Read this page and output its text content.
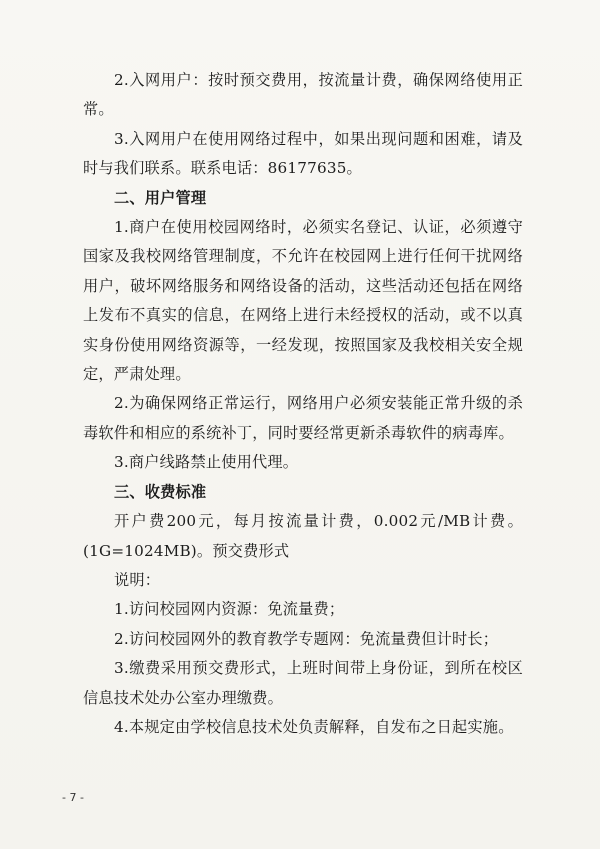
2.入网用户：按时预交费用，按流量计费，确保网络使用正常。

3.入网用户在使用网络过程中，如果出现问题和困难，请及时与我们联系。联系电话：86177635。

二、用户管理

1.商户在使用校园网络时，必须实名登记、认证，必须遵守国家及我校网络管理制度，不允许在校园网上进行任何干扰网络用户，破坏网络服务和网络设备的活动，这些活动还包括在网络上发布不真实的信息，在网络上进行未经授权的活动，或不以真实身份使用网络资源等，一经发现，按照国家及我校相关安全规定，严肃处理。

2.为确保网络正常运行，网络用户必须安装能正常升级的杀毒软件和相应的系统补丁，同时要经常更新杀毒软件的病毒库。

3.商户线路禁止使用代理。

三、收费标准

开户费200元，每月按流量计费，0.002元/MB计费。(1G=1024MB)。预交费形式

说明：

1.访问校园网内资源：免流量费；

2.访问校园网外的教育教学专题网：免流量费但计时长；

3.缴费采用预交费形式，上班时间带上身份证，到所在校区信息技术处办公室办理缴费。

4.本规定由学校信息技术处负责解释，自发布之日起实施。

- 7 -
